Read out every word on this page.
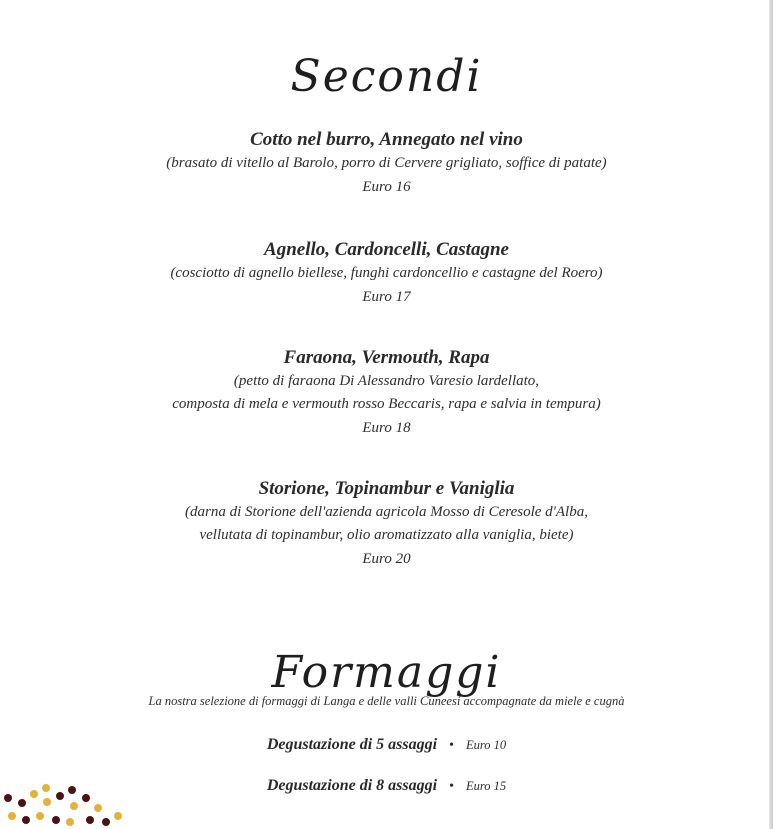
Secondi
Cotto nel burro, Annegato nel vino
(brasato di vitello al Barolo, porro di Cervere grigliato, soffice di patate)
Euro 16
Agnello, Cardoncelli, Castagne
(cosciotto di agnello biellese, funghi cardoncellio e castagne del Roero)
Euro 17
Faraona, Vermouth, Rapa
(petto di faraona Di Alessandro Varesio lardellato,
composta di mela e vermouth rosso Beccaris, rapa e salvia in tempura)
Euro 18
Storione, Topinambur e Vaniglia
(darna di Storione dell'azienda agricola Mosso di Ceresole d'Alba,
vellutata di topinambur, olio aromatizzato alla vaniglia, biete)
Euro 20
Formaggi
La nostra selezione di formaggi di Langa e delle valli Cuneesi accompagnate da miele e cugnà
Degustazione di 5 assaggi • Euro 10
Degustazione di 8 assaggi • Euro 15
